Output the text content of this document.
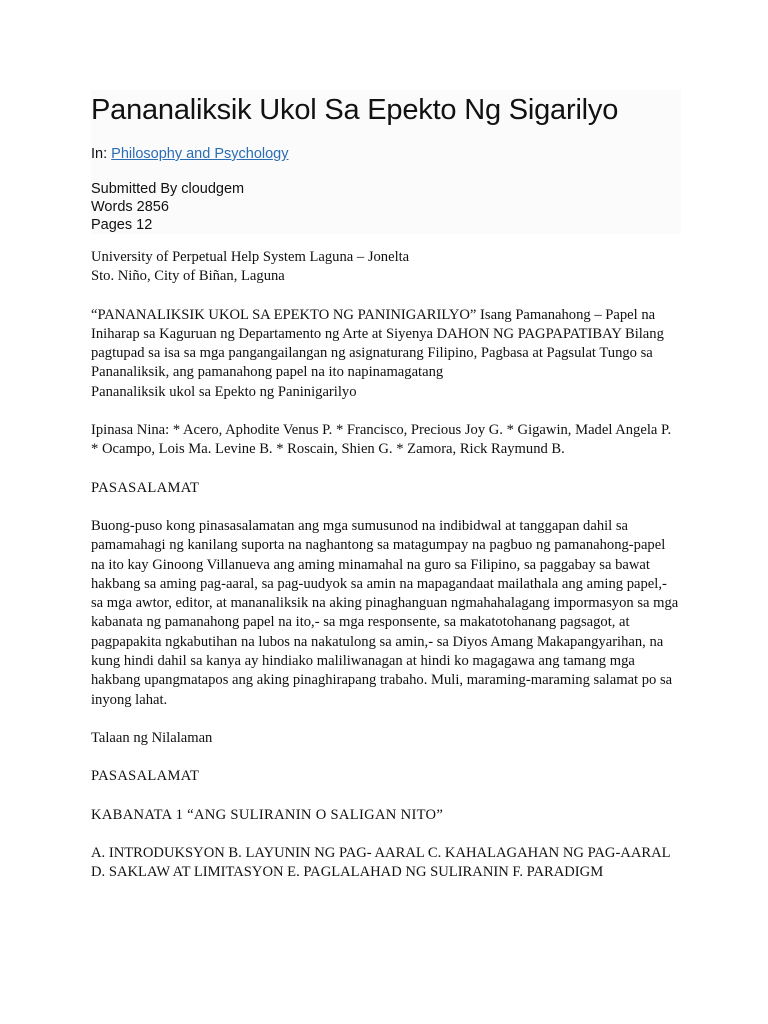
Pananaliksik Ukol Sa Epekto Ng Sigarilyo
In: Philosophy and Psychology
Submitted By cloudgem
Words 2856
Pages 12

University of Perpetual Help System Laguna – Jonelta
Sto. Niño, City of Biñan, Laguna

“PANANALIKSIK UKOL SA EPEKTO NG PANINIGARILYO” Isang Pamanahong – Papel na Iniharap sa Kaguruan ng Departamento ng Arte at Siyenya DAHON NG PAGPAPATIBAY Bilang pagtupad sa isa sa mga pangangailangan ng asignaturang Filipino, Pagbasa at Pagsulat Tungo sa Pananaliksik, ang pamanahong papel na ito napinamagatang
Pananaliksik ukol sa Epekto ng Paninigarilyo

Ipinasa Nina: * Acero, Aphodite Venus P. * Francisco, Precious Joy G. * Gigawin, Madel Angela P. * Ocampo, Lois Ma. Levine B. * Roscain, Shien G. * Zamora, Rick Raymund B.

PASASALAMAT

Buong-puso kong pinasasalamatan ang mga sumusunod na indibidwal at tanggapan dahil sa pamamahagi ng kanilang suporta na naghantong sa matagumpay na pagbuo ng pamanahong-papel na ito kay Ginoong Villanueva ang aming minamahal na guro sa Filipino, sa paggabay sa bawat hakbang sa aming pag-aaral, sa pag-uudyok sa amin na mapagandaat mailathala ang aming papel,- sa mga awtor, editor, at mananaliksik na aking pinaghanguan ngmahahalagang impormasyon sa mga kabanata ng pamanahong papel na ito,- sa mga responsente, sa makatotohanang pagsagot, at pagpapakita ngkabutihan na lubos na nakatulong sa amin,- sa Diyos Amang Makapangyarihan, na kung hindi dahil sa kanya ay hindiako maliliwanagan at hindi ko magagawa ang tamang mga hakbang upangmatapos ang aking pinaghirapang trabaho. Muli, maraming-maraming salamat po sa inyong lahat.

Talaan ng Nilalaman

PASASALAMAT

KABANATA 1 “ANG SULIRANIN O SALIGAN NITO”

A. INTRODUKSYON B. LAYUNIN NG PAG- AARAL C. KAHALAGAHAN NG PAG-AARAL D. SAKLAW AT LIMITASYON E. PAGLALAHAD NG SULIRANIN F. PARADIGM
